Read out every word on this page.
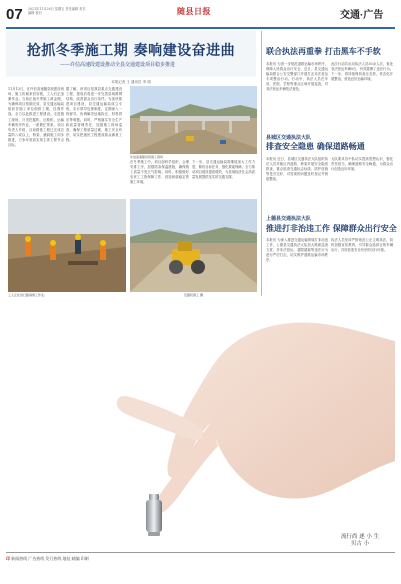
07 2021年11月26日 星期五 责任编辑 美术编辑 校对	随县日报	交通·广告
抢抓冬季施工期 奏响建设奋进曲
——许信高速段建设推动全县交通建设项目稳步推进
本报记者 王 通讯员 李 明
11月13日，在许信高速随县段建设现场，施工机械来回穿梭，工人们正加紧作业。当前正值冬季施工黄金期，为确保项目按期完成，县交通运输局组织各施工单位倒排工期、挂图作战，全力以赴推进工程建设。走进施工现场，只见挖掘机、压路机、运输车辆有序作业，一派繁忙景象。项目负责人介绍，目前路基工程已完成总量的八成以上，桥梁、涵洞施工同步推进，力争年底前实现主体工程节点目标。
据了解，该项目是我县重点交通建设工程，建成后将进一步完善县域路网结构，改善群众出行条件。为加快推进项目建设，县交通运输局成立专班，实行领导包保制度，定期深入一线督导，协调解决征地拆迁、材料供应等难题。同时，严格落实安全生产和质量管理责任，加强施工现场巡查，确保工程质量过硬、施工安全有序，切实把惠民工程建成群众满意工程。
许信高速随县段施工现场
在冬季施工中，项目部科学组织，合理安排工序，加强防冻保温措施，确保施工质量不受天气影响。同时，积极做好农民工工资保障工作，营造和谐稳定的施工环境。
下一步，县交通运输局将继续加大工作力度，紧盯目标任务，强化要素保障，全力推动项目建设提质增效，为县域经济社会高质量发展提供坚实的交通支撑。
工人正在进行路基施工作业。	压路机施工 摄
联合执法再重拳 打击黑车不手软
本报讯 为进一步规范道路运输市场秩序，保障人民群众出行安全，近日，县交通运输局联合公安交警部门开展打击非法营运专项整治行动。行动中，执法人员在车站、医院、学校等重点区域开展巡查，对非法营运车辆依法查处。
此次行动共出动执法人员30余人次，查处非法营运车辆5台，有效震慑了违法行为。下一步，将持续保持高压态势，常态化开展整治，营造良好运输环境。
县城区交通执法大队
排查安全隐患 确保道路畅通
本报讯 近日，县城区交通执法大队组织执法人员对辖区内道路、桥梁开展安全隐患排查，重点检查交通标志标线、防护设施等是否完好，对发现的问题及时登记并督促整改。
大队要求各中队切实提高思想认识，强化责任担当，确保道路安全畅通，为群众出行创造良好环境。
上德县交通执法大队
推进打非治违工作 保障群众出行安全
本报讯 为深入推进交通运输领域打非治违工作，上德县交通执法大队加大路面巡查力度，对非法营运、超限超载等违法行为进行严厉打击，切实维护道路运输市场秩序。
执法人员坚持严格规范公正文明执法，同时加强宣传教育，引导群众选择正规车辆出行，共同营造安全有序的出行环境。
流行尚 逐 小 生
贝古 小
印 新闻热线 广告热线 发行热线 地址 邮编 印刷
